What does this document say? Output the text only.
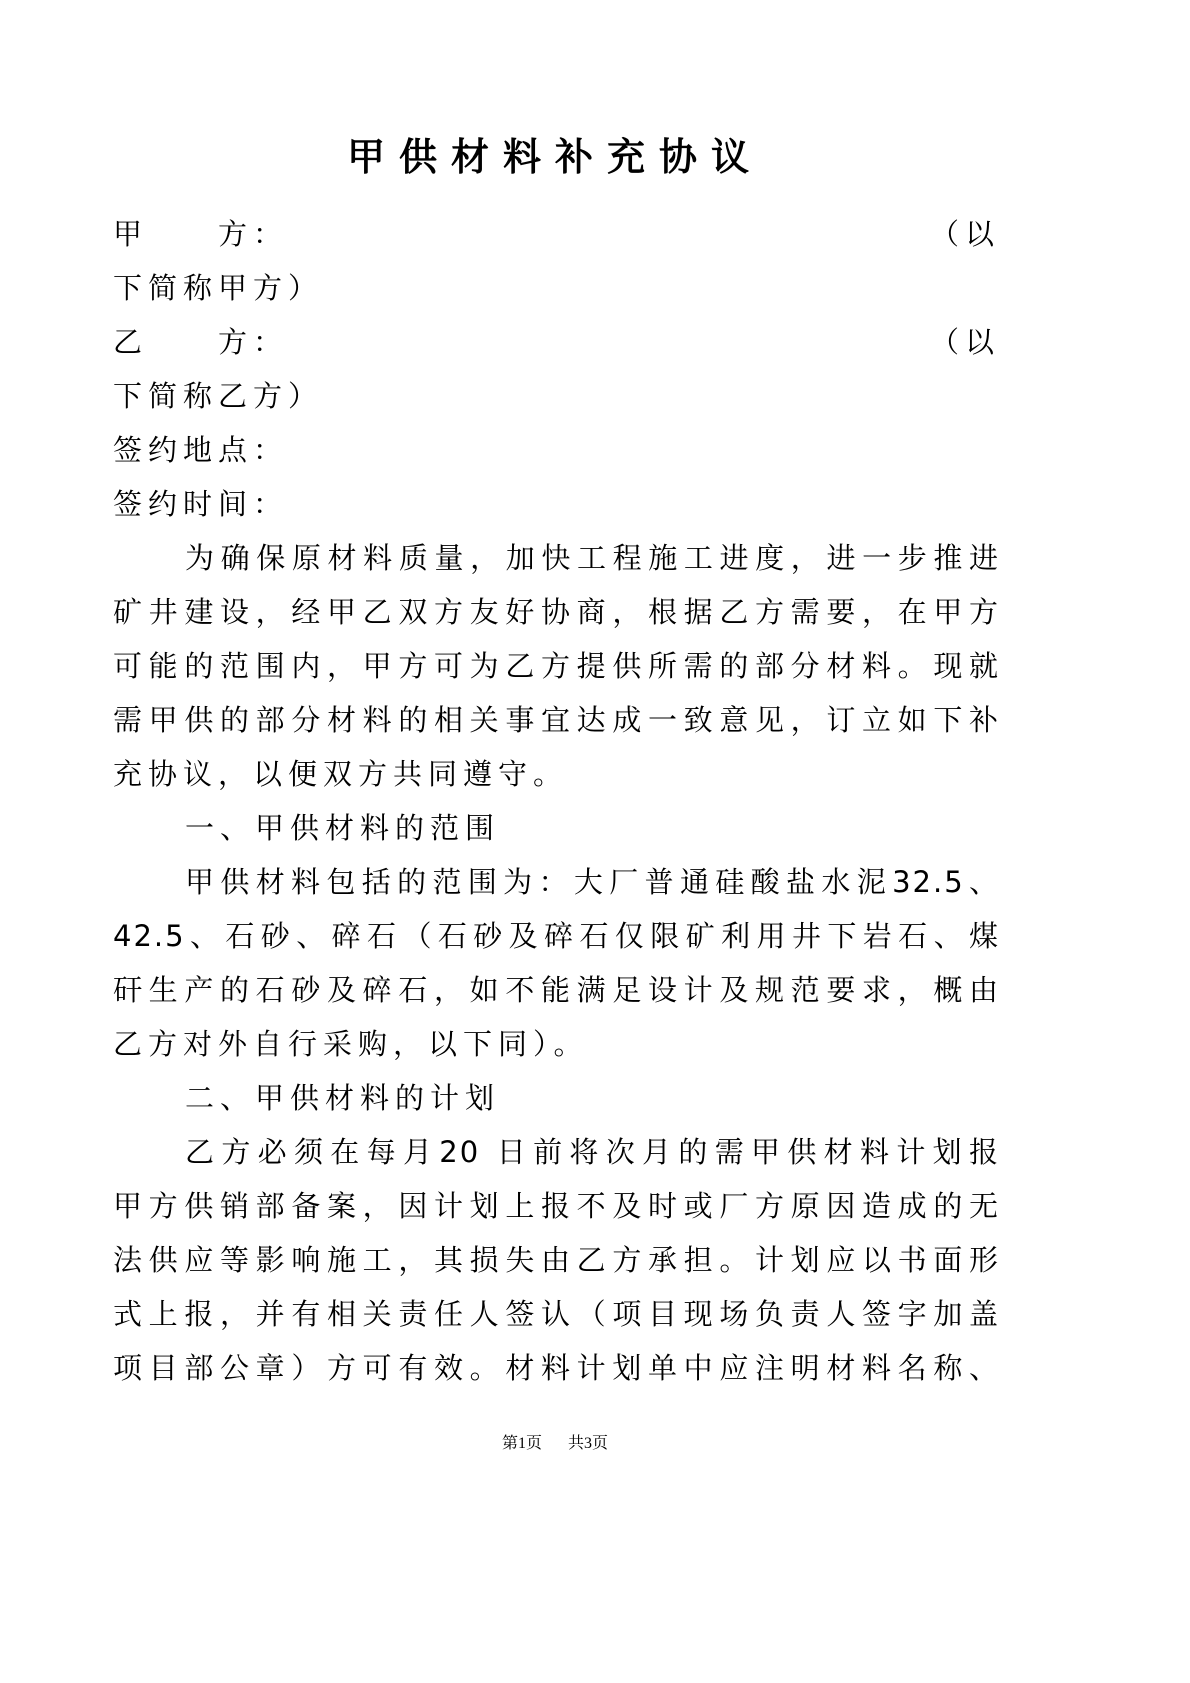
甲供材料补充协议
甲　　方：	（以
下简称甲方）
乙　　方：	（以
下简称乙方）
签约地点：
签约时间：
为确保原材料质量，加快工程施工进度，进一步推进
矿井建设，经甲乙双方友好协商，根据乙方需要，在甲方
可能的范围内，甲方可为乙方提供所需的部分材料。现就
需甲供的部分材料的相关事宜达成一致意见，订立如下补
充协议，以便双方共同遵守。
一、甲供材料的范围
甲供材料包括的范围为：大厂普通硅酸盐水泥32.5、
42.5、石砂、碎石（石砂及碎石仅限矿利用井下岩石、煤
矸生产的石砂及碎石，如不能满足设计及规范要求，概由
乙方对外自行采购，以下同）。
二、甲供材料的计划
乙方必须在每月20 日前将次月的需甲供材料计划报
甲方供销部备案，因计划上报不及时或厂方原因造成的无
法供应等影响施工，其损失由乙方承担。计划应以书面形
式上报，并有相关责任人签认（项目现场负责人签字加盖
项目部公章）方可有效。材料计划单中应注明材料名称、
第1页 共3页
